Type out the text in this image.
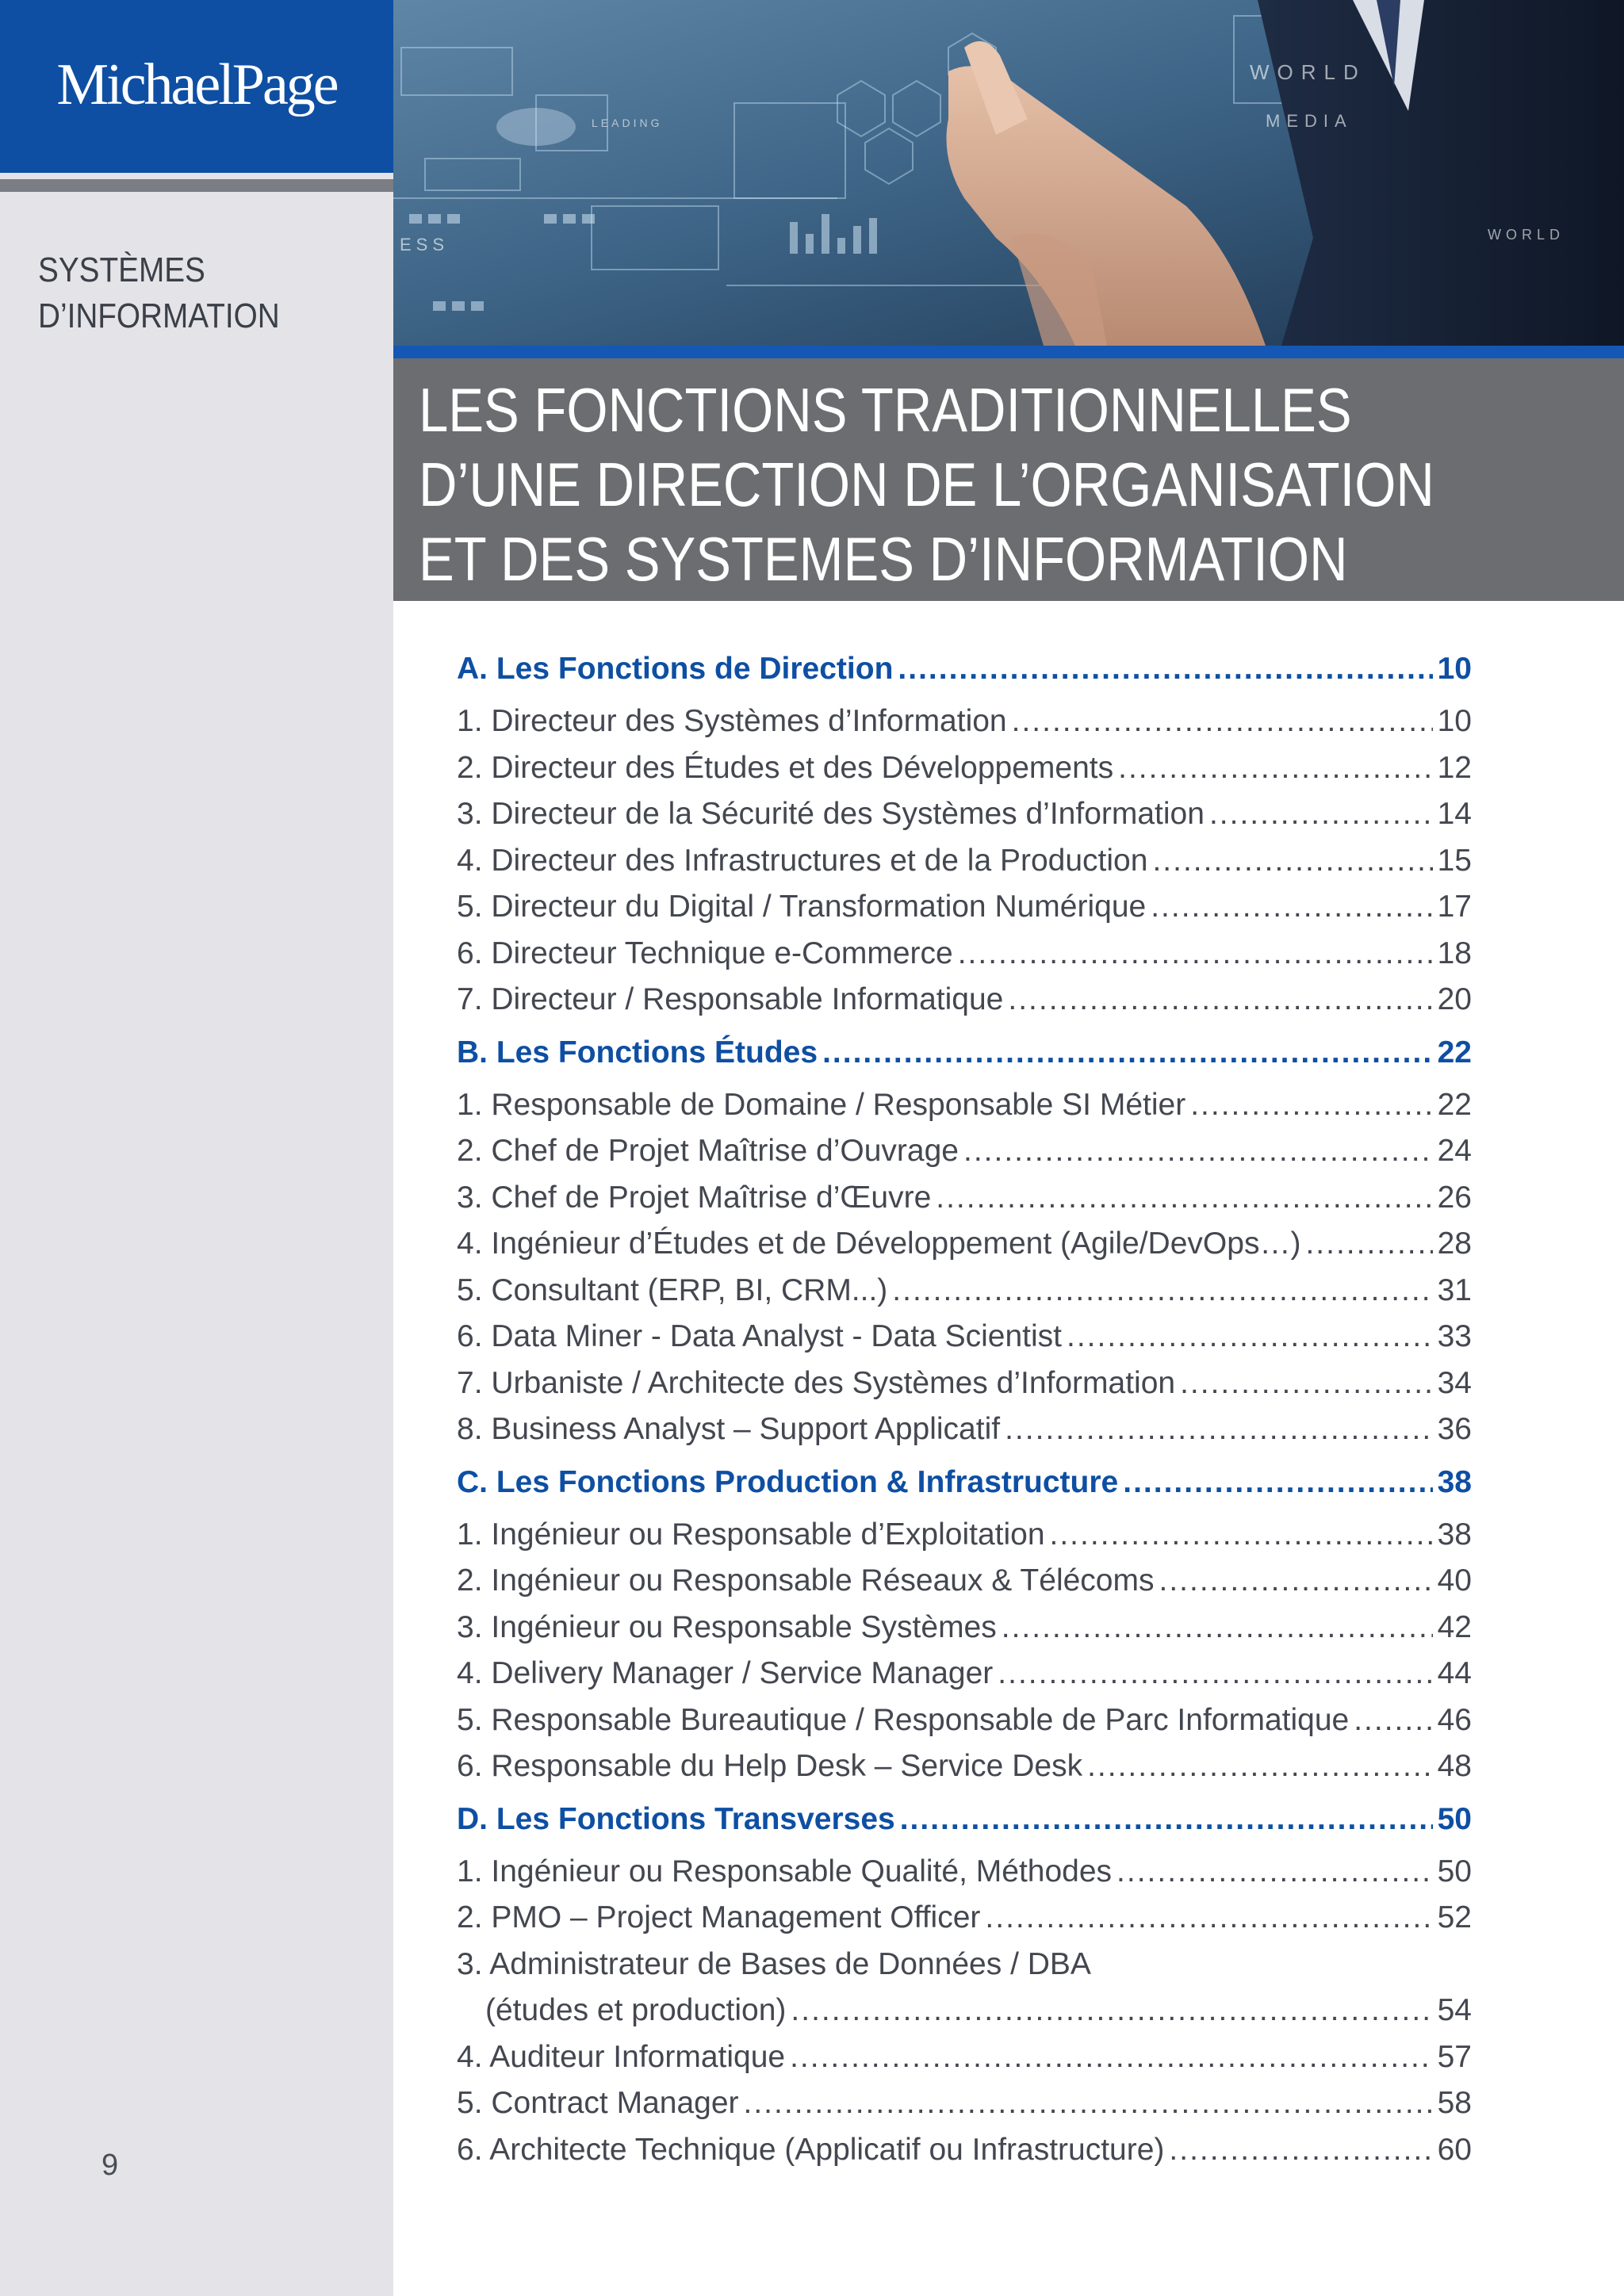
MichaelPage
SYSTÈMES
D’INFORMATION
9
WORLD
MEDIA
WORLD
LEADING
ESS
LES FONCTIONS TRADITIONNELLES
D’UNE DIRECTION DE L’ORGANISATION
ET DES SYSTEMES D’INFORMATION
A. Les Fonctions de Direction .....	10
1. Directeur des Systèmes d’Information .....	10
2. Directeur des Études et des Développements .....	12
3. Directeur de la Sécurité des Systèmes d’Information .....	14
4. Directeur des Infrastructures et de la Production .....	15
5. Directeur du Digital / Transformation Numérique .....	17
6. Directeur Technique e-Commerce .....	18
7. Directeur / Responsable Informatique .....	20
B. Les Fonctions Études .....	22
1. Responsable de Domaine / Responsable SI Métier .....	22
2. Chef de Projet Maîtrise d’Ouvrage .....	24
3. Chef de Projet Maîtrise d’Œuvre .....	26
4. Ingénieur d’Études et de Développement (Agile/DevOps…) .....	28
5. Consultant (ERP, BI, CRM...) .....	31
6. Data Miner - Data Analyst - Data Scientist .....	33
7. Urbaniste / Architecte des Systèmes d’Information .....	34
8. Business Analyst – Support Applicatif .....	36
C. Les Fonctions Production & Infrastructure .....	38
1. Ingénieur ou Responsable d’Exploitation .....	38
2. Ingénieur ou Responsable Réseaux & Télécoms .....	40
3. Ingénieur ou Responsable Systèmes .....	42
4. Delivery Manager / Service Manager .....	44
5. Responsable Bureautique / Responsable de Parc Informatique .....	46
6. Responsable du Help Desk – Service Desk .....	48
D. Les Fonctions Transverses .....	50
1. Ingénieur ou Responsable Qualité, Méthodes .....	50
2. PMO – Project Management Officer .....	52
3. Administrateur de Bases de Données / DBA
(études et production) .....	54
4. Auditeur Informatique .....	57
5. Contract Manager .....	58
6. Architecte Technique (Applicatif ou Infrastructure) .....	60
